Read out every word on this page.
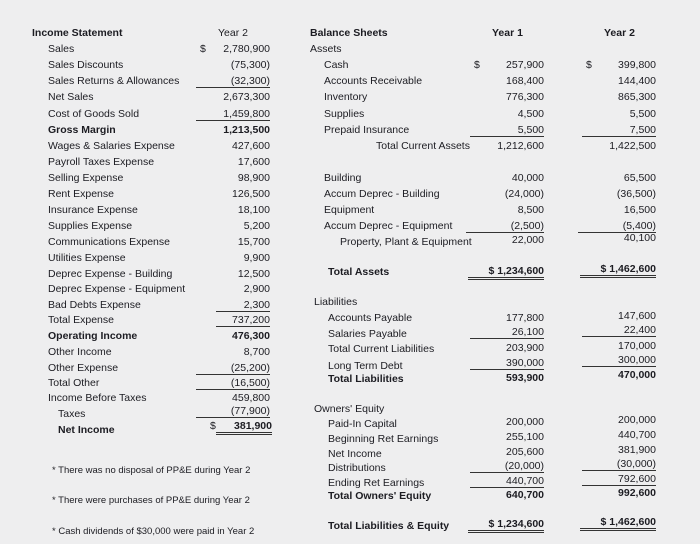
Income Statement	Year 2
$
Sales	2,780,900
Sales Discounts	(75,300)
Sales Returns & Allowances	(32,300)
Net Sales	2,673,300
Cost of Goods Sold	1,459,800
Gross Margin	1,213,500
Wages & Salaries Expense	427,600
Payroll Taxes Expense	17,600
Selling Expense	98,900
Rent Expense	126,500
Insurance Expense	18,100
Supplies Expense	5,200
Communications Expense	15,700
Utilities Expense	9,900
Deprec Expense - Building	12,500
Deprec Expense - Equipment	2,900
Bad Debts Expense	2,300
Total Expense	737,200
Operating Income	476,300
Other Income	8,700
Other Expense	(25,200)
Total Other	(16,500)
Income Before Taxes	459,800
Taxes	(77,900)
Net Income	$	381,900
Balance Sheets	Year 1	Year 2
Assets
Cash	$	257,900	$	399,800
Accounts Receivable	168,400	144,400
Inventory	776,300	865,300
Supplies	4,500	5,500
Prepaid Insurance	5,500	7,500
Total Current Assets	1,212,600	1,422,500
Building	40,000	65,500
Accum Deprec - Building	(24,000)	(36,500)
Equipment	8,500	16,500
Accum Deprec - Equipment	(2,500)	(5,400)
Property, Plant & Equipment	22,000	40,100
Total Assets	$ 1,234,600	$ 1,462,600
Liabilities
Accounts Payable	177,800	147,600
Salaries Payable	26,100	22,400
Total Current Liabilities	203,900	170,000
Long Term Debt	390,000	300,000
Total Liabilities	593,900	470,000
Owners' Equity
Paid-In Capital	200,000	200,000
Beginning Ret Earnings	255,100	440,700
Net Income	205,600	381,900
Distributions	(20,000)	(30,000)
Ending Ret Earnings	440,700	792,600
Total Owners' Equity	640,700	992,600
Total Liabilities & Equity	$ 1,234,600	$ 1,462,600
* There was no disposal of PP&E during Year 2
* There were purchases of PP&E during Year 2
* Cash dividends of $30,000 were paid in Year 2
